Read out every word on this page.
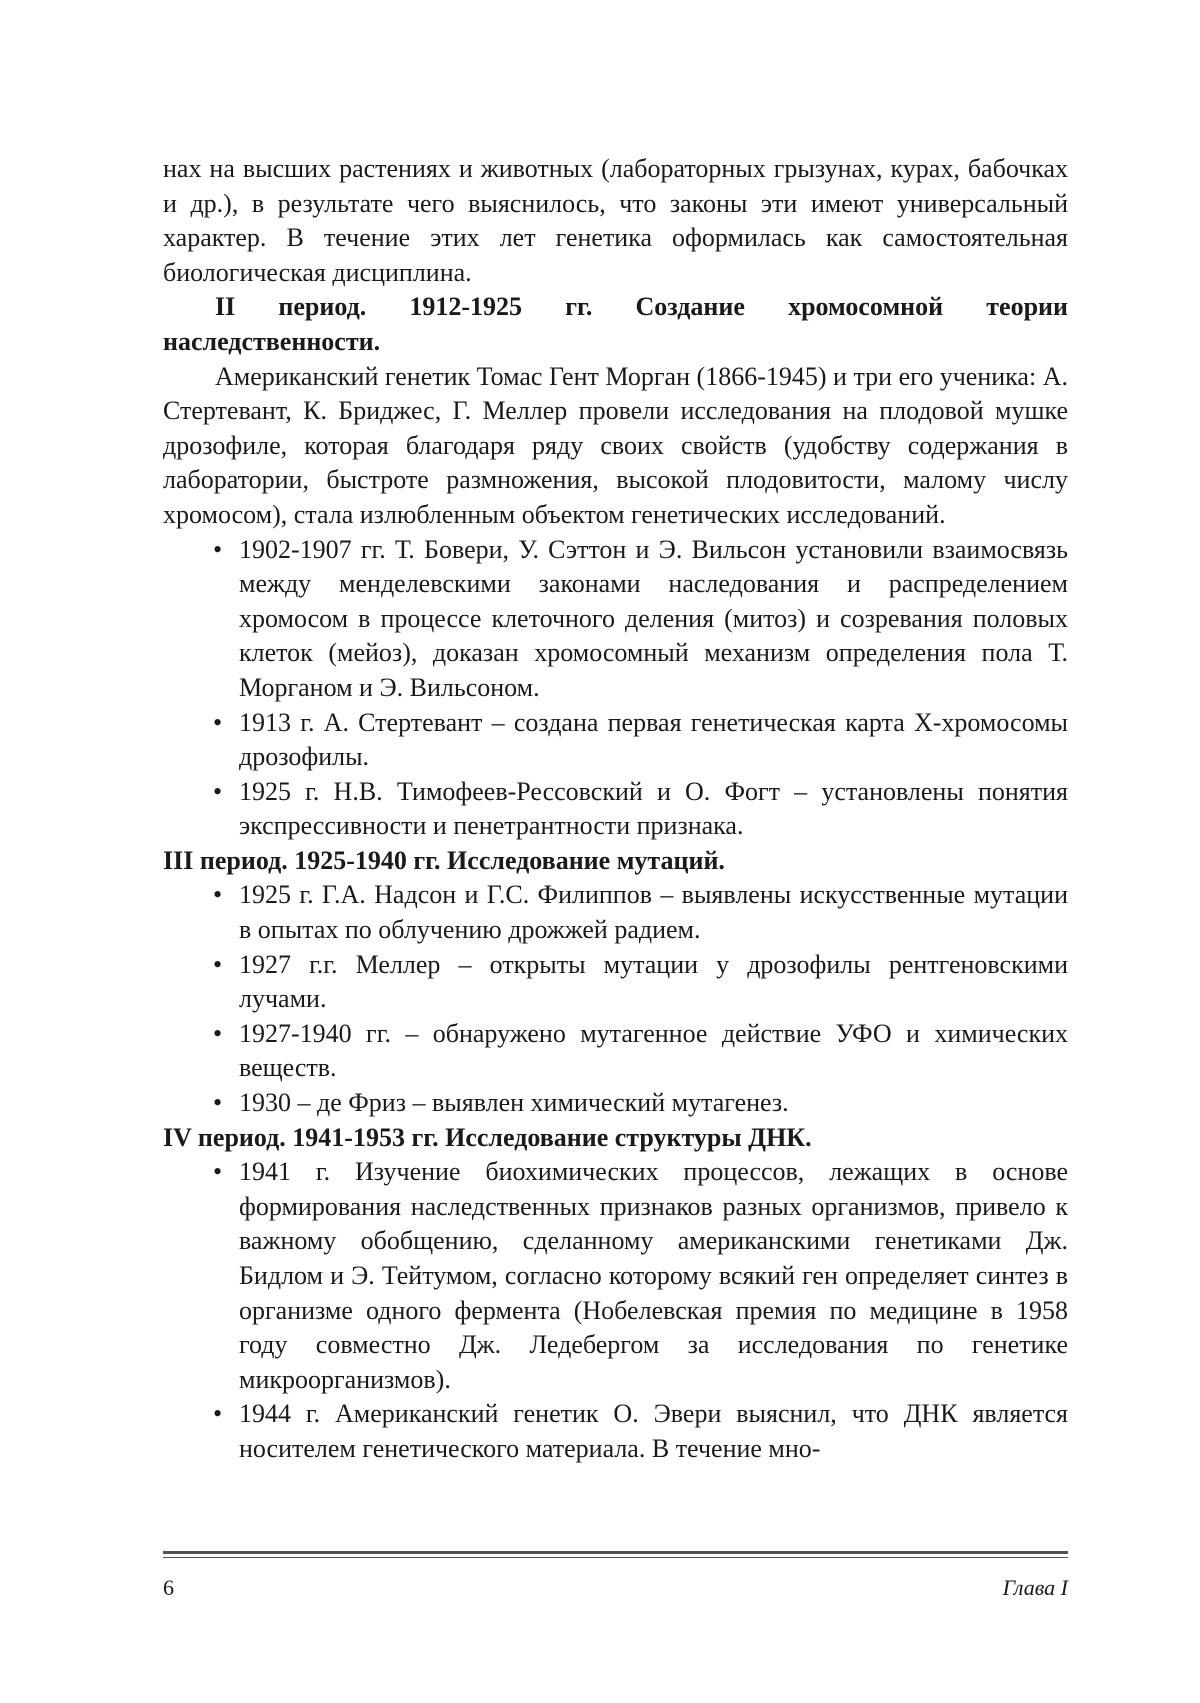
нах на высших растениях и животных (лабораторных грызунах, курах, бабочках и др.), в результате чего выяснилось, что законы эти имеют универсальный характер. В течение этих лет генетика оформилась как самостоятельная биологическая дисциплина.

II период. 1912-1925 гг. Создание хромосомной теории наследственности.

Американский генетик Томас Гент Морган (1866-1945) и три его ученика: А. Стертевант, К. Бриджес, Г. Меллер провели исследования на плодовой мушке дрозофиле, которая благодаря ряду своих свойств (удобству содержания в лаборатории, быстроте размножения, высокой плодовитости, малому числу хромосом), стала излюбленным объектом генетических исследований.

• 1902-1907 гг. Т. Бовери, У. Сэттон и Э. Вильсон установили взаимосвязь между менделевскими законами наследования и распределением хромосом в процессе клеточного деления (митоз) и созревания половых клеток (мейоз), доказан хромосомный механизм определения пола Т. Морганом и Э. Вильсоном.
• 1913 г. А. Стертевант – создана первая генетическая карта Х-хромосомы дрозофилы.
• 1925 г. Н.В. Тимофеев-Рессовский и О. Фогт – установлены понятия экспрессивности и пенетрантности признака.

III период. 1925-1940 гг. Исследование мутаций.

• 1925 г. Г.А. Надсон и Г.С. Филиппов – выявлены искусственные мутации в опытах по облучению дрожжей радием.
• 1927 г.г. Меллер – открыты мутации у дрозофилы рентгеновскими лучами.
• 1927-1940 гг. – обнаружено мутагенное действие УФО и химических веществ.
• 1930 – де Фриз – выявлен химический мутагенез.

IV период. 1941-1953 гг. Исследование структуры ДНК.

• 1941 г. Изучение биохимических процессов, лежащих в основе формирования наследственных признаков разных организмов, привело к важному обобщению, сделанному американскими генетиками Дж. Бидлом и Э. Тейтумом, согласно которому всякий ген определяет синтез в организме одного фермента (Нобелевская премия по медицине в 1958 году совместно Дж. Ледебергом за исследования по генетике микроорганизмов).
• 1944 г. Американский генетик О. Эвери выяснил, что ДНК является носителем генетического материала. В течение мно-
6	Глава I
